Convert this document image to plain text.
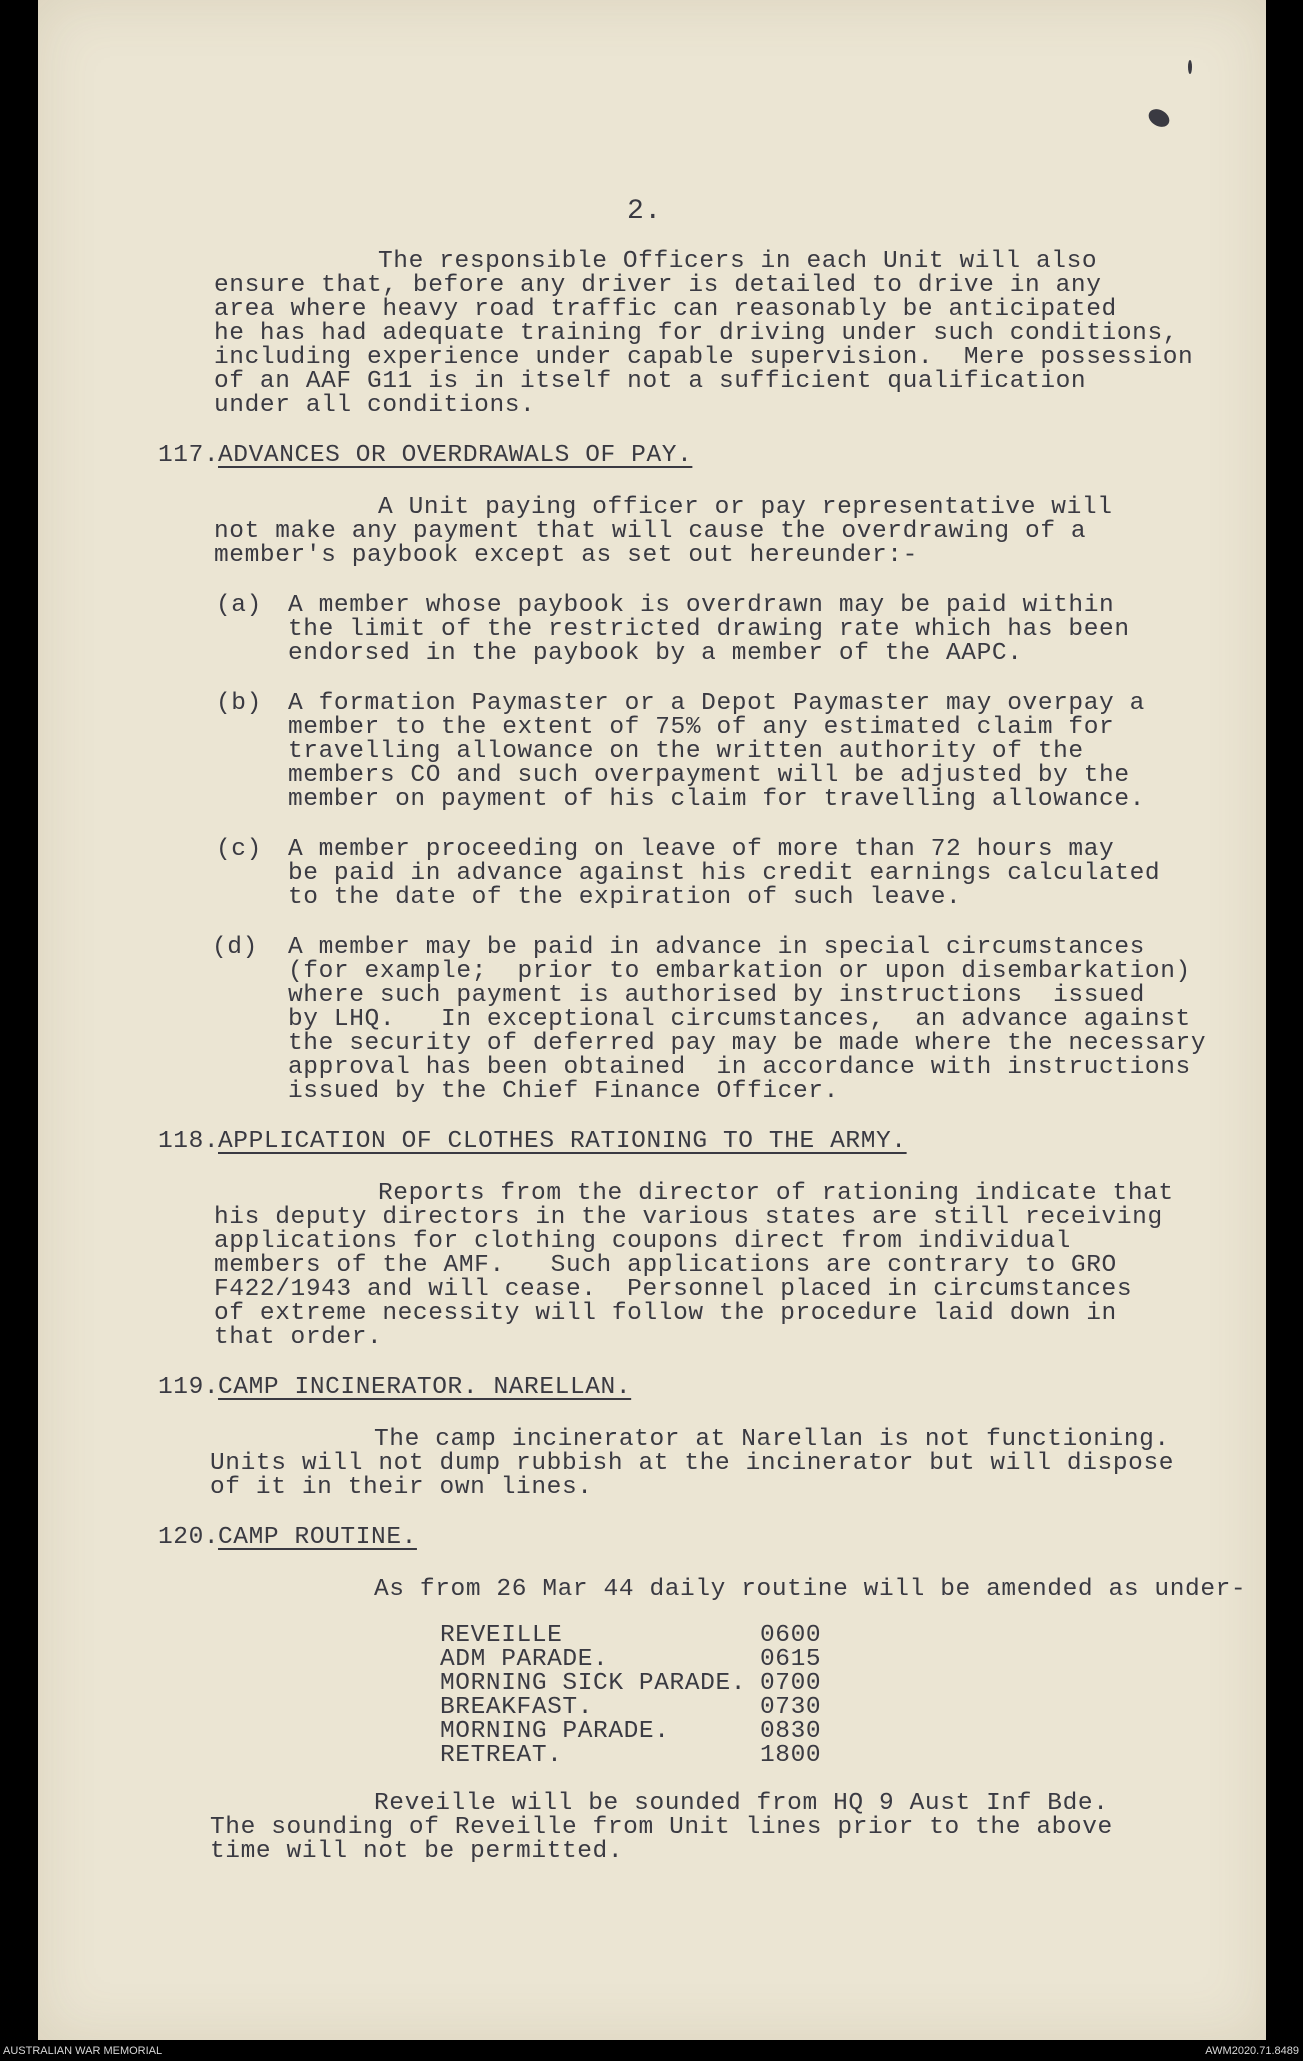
2.
The responsible Officers in each Unit will also
ensure that, before any driver is detailed to drive in any
area where heavy road traffic can reasonably be anticipated
he has had adequate training for driving under such conditions,
including experience under capable supervision.  Mere possession
of an AAF G11 is in itself not a sufficient qualification
under all conditions.
117.
ADVANCES OR OVERDRAWALS OF PAY.
A Unit paying officer or pay representative will
not make any payment that will cause the overdrawing of a
member's paybook except as set out hereunder:-
(a) A member whose paybook is overdrawn may be paid within
the limit of the restricted drawing rate which has been
endorsed in the paybook by a member of the AAPC.
(b) A formation Paymaster or a Depot Paymaster may overpay a
member to the extent of 75% of any estimated claim for
travelling allowance on the written authority of the
members CO and such overpayment will be adjusted by the
member on payment of his claim for travelling allowance.
(c) A member proceeding on leave of more than 72 hours may
be paid in advance against his credit earnings calculated
to the date of the expiration of such leave.
(d) A member may be paid in advance in special circumstances
(for example;  prior to embarkation or upon disembarkation)
where such payment is authorised by instructions  issued
by LHQ.   In exceptional circumstances,  an advance against
the security of deferred pay may be made where the necessary
approval has been obtained  in accordance with instructions
issued by the Chief Finance Officer.
118.
APPLICATION OF CLOTHES RATIONING TO THE ARMY.
Reports from the director of rationing indicate that
his deputy directors in the various states are still receiving
applications for clothing coupons direct from individual
members of the AMF.   Such applications are contrary to GRO
F422/1943 and will cease.  Personnel placed in circumstances
of extreme necessity will follow the procedure laid down in
that order.
119.
CAMP INCINERATOR. NARELLAN.
The camp incinerator at Narellan is not functioning.
Units will not dump rubbish at the incinerator but will dispose
of it in their own lines.
120.
CAMP ROUTINE.
As from 26 Mar 44 daily routine will be amended as under-
REVEILLE	0600
ADM PARADE.	0615
MORNING SICK PARADE. 0700
BREAKFAST.	0730
MORNING PARADE.	0830
RETREAT.	1800
Reveille will be sounded from HQ 9 Aust Inf Bde.
The sounding of Reveille from Unit lines prior to the above
time will not be permitted.
AUSTRALIAN WAR MEMORIAL	AWM2020.71.8489
